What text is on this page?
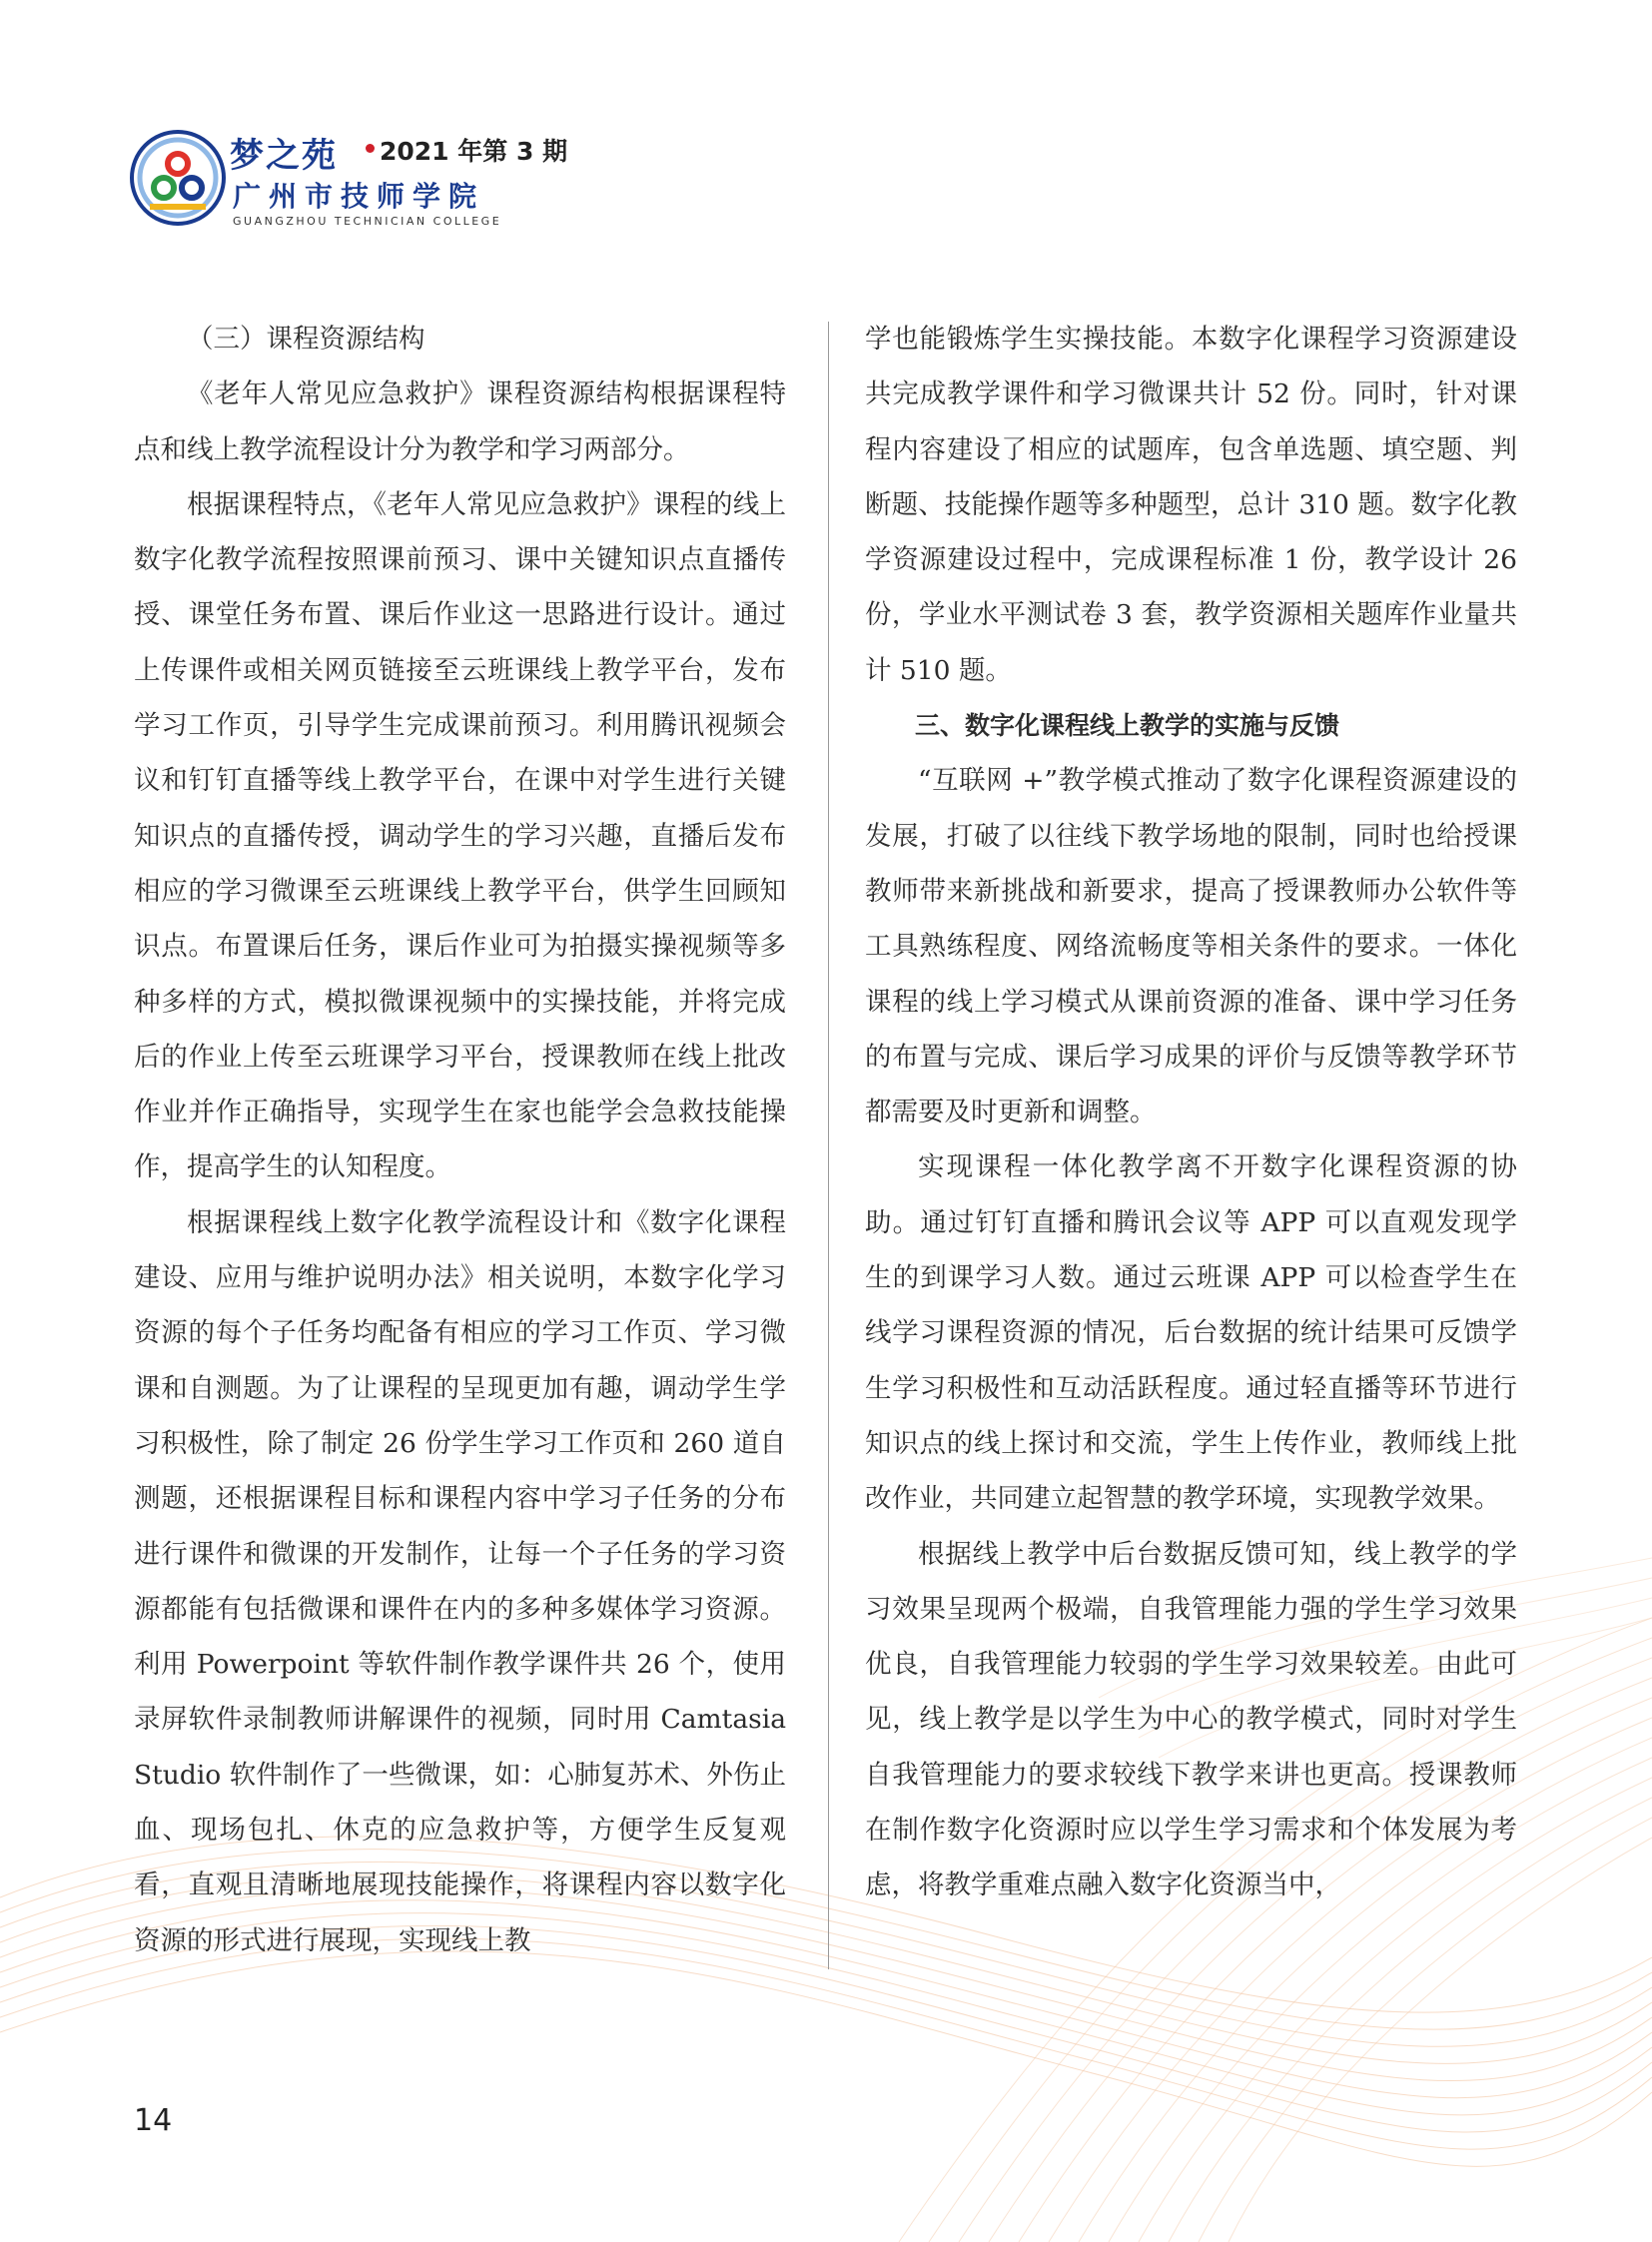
梦之苑 2021 年第 3 期
广州市技师学院
GUANGZHOU TECHNICIAN COLLEGE

（三）课程资源结构

《老年人常见应急救护》课程资源结构根据课程特点和线上教学流程设计分为教学和学习两部分。

根据课程特点，《老年人常见应急救护》课程的线上数字化教学流程按照课前预习、课中关键知识点直播传授、课堂任务布置、课后作业这一思路进行设计。通过上传课件或相关网页链接至云班课线上教学平台，发布学习工作页，引导学生完成课前预习。利用腾讯视频会议和钉钉直播等线上教学平台，在课中对学生进行关键知识点的直播传授，调动学生的学习兴趣，直播后发布相应的学习微课至云班课线上教学平台，供学生回顾知识点。布置课后任务，课后作业可为拍摄实操视频等多种多样的方式，模拟微课视频中的实操技能，并将完成后的作业上传至云班课学习平台，授课教师在线上批改作业并作正确指导，实现学生在家也能学会急救技能操作，提高学生的认知程度。

根据课程线上数字化教学流程设计和《数字化课程建设、应用与维护说明办法》相关说明，本数字化学习资源的每个子任务均配备有相应的学习工作页、学习微课和自测题。为了让课程的呈现更加有趣，调动学生学习积极性，除了制定 26 份学生学习工作页和 260 道自测题，还根据课程目标和课程内容中学习子任务的分布进行课件和微课的开发制作，让每一个子任务的学习资源都能有包括微课和课件在内的多种多媒体学习资源。利用 Powerpoint 等软件制作教学课件共 26 个，使用录屏软件录制教师讲解课件的视频，同时用 Camtasia Studio 软件制作了一些微课，如：心肺复苏术、外伤止血、现场包扎、休克的应急救护等，方便学生反复观看，直观且清晰地展现技能操作，将课程内容以数字化资源的形式进行展现，实现线上教

学也能锻炼学生实操技能。本数字化课程学习资源建设共完成教学课件和学习微课共计 52 份。同时，针对课程内容建设了相应的试题库，包含单选题、填空题、判断题、技能操作题等多种题型，总计 310 题。数字化教学资源建设过程中，完成课程标准 1 份，教学设计 26 份，学业水平测试卷 3 套，教学资源相关题库作业量共计 510 题。

三、数字化课程线上教学的实施与反馈

“互联网 +”教学模式推动了数字化课程资源建设的发展，打破了以往线下教学场地的限制，同时也给授课教师带来新挑战和新要求，提高了授课教师办公软件等工具熟练程度、网络流畅度等相关条件的要求。一体化课程的线上学习模式从课前资源的准备、课中学习任务的布置与完成、课后学习成果的评价与反馈等教学环节都需要及时更新和调整。

实现课程一体化教学离不开数字化课程资源的协助。通过钉钉直播和腾讯会议等 APP 可以直观发现学生的到课学习人数。通过云班课 APP 可以检查学生在线学习课程资源的情况，后台数据的统计结果可反馈学生学习积极性和互动活跃程度。通过轻直播等环节进行知识点的线上探讨和交流，学生上传作业，教师线上批改作业，共同建立起智慧的教学环境，实现教学效果。

根据线上教学中后台数据反馈可知，线上教学的学习效果呈现两个极端，自我管理能力强的学生学习效果优良，自我管理能力较弱的学生学习效果较差。由此可见，线上教学是以学生为中心的教学模式，同时对学生自我管理能力的要求较线下教学来讲也更高。授课教师在制作数字化资源时应以学生学习需求和个体发展为考虑，将教学重难点融入数字化资源当中，

14
